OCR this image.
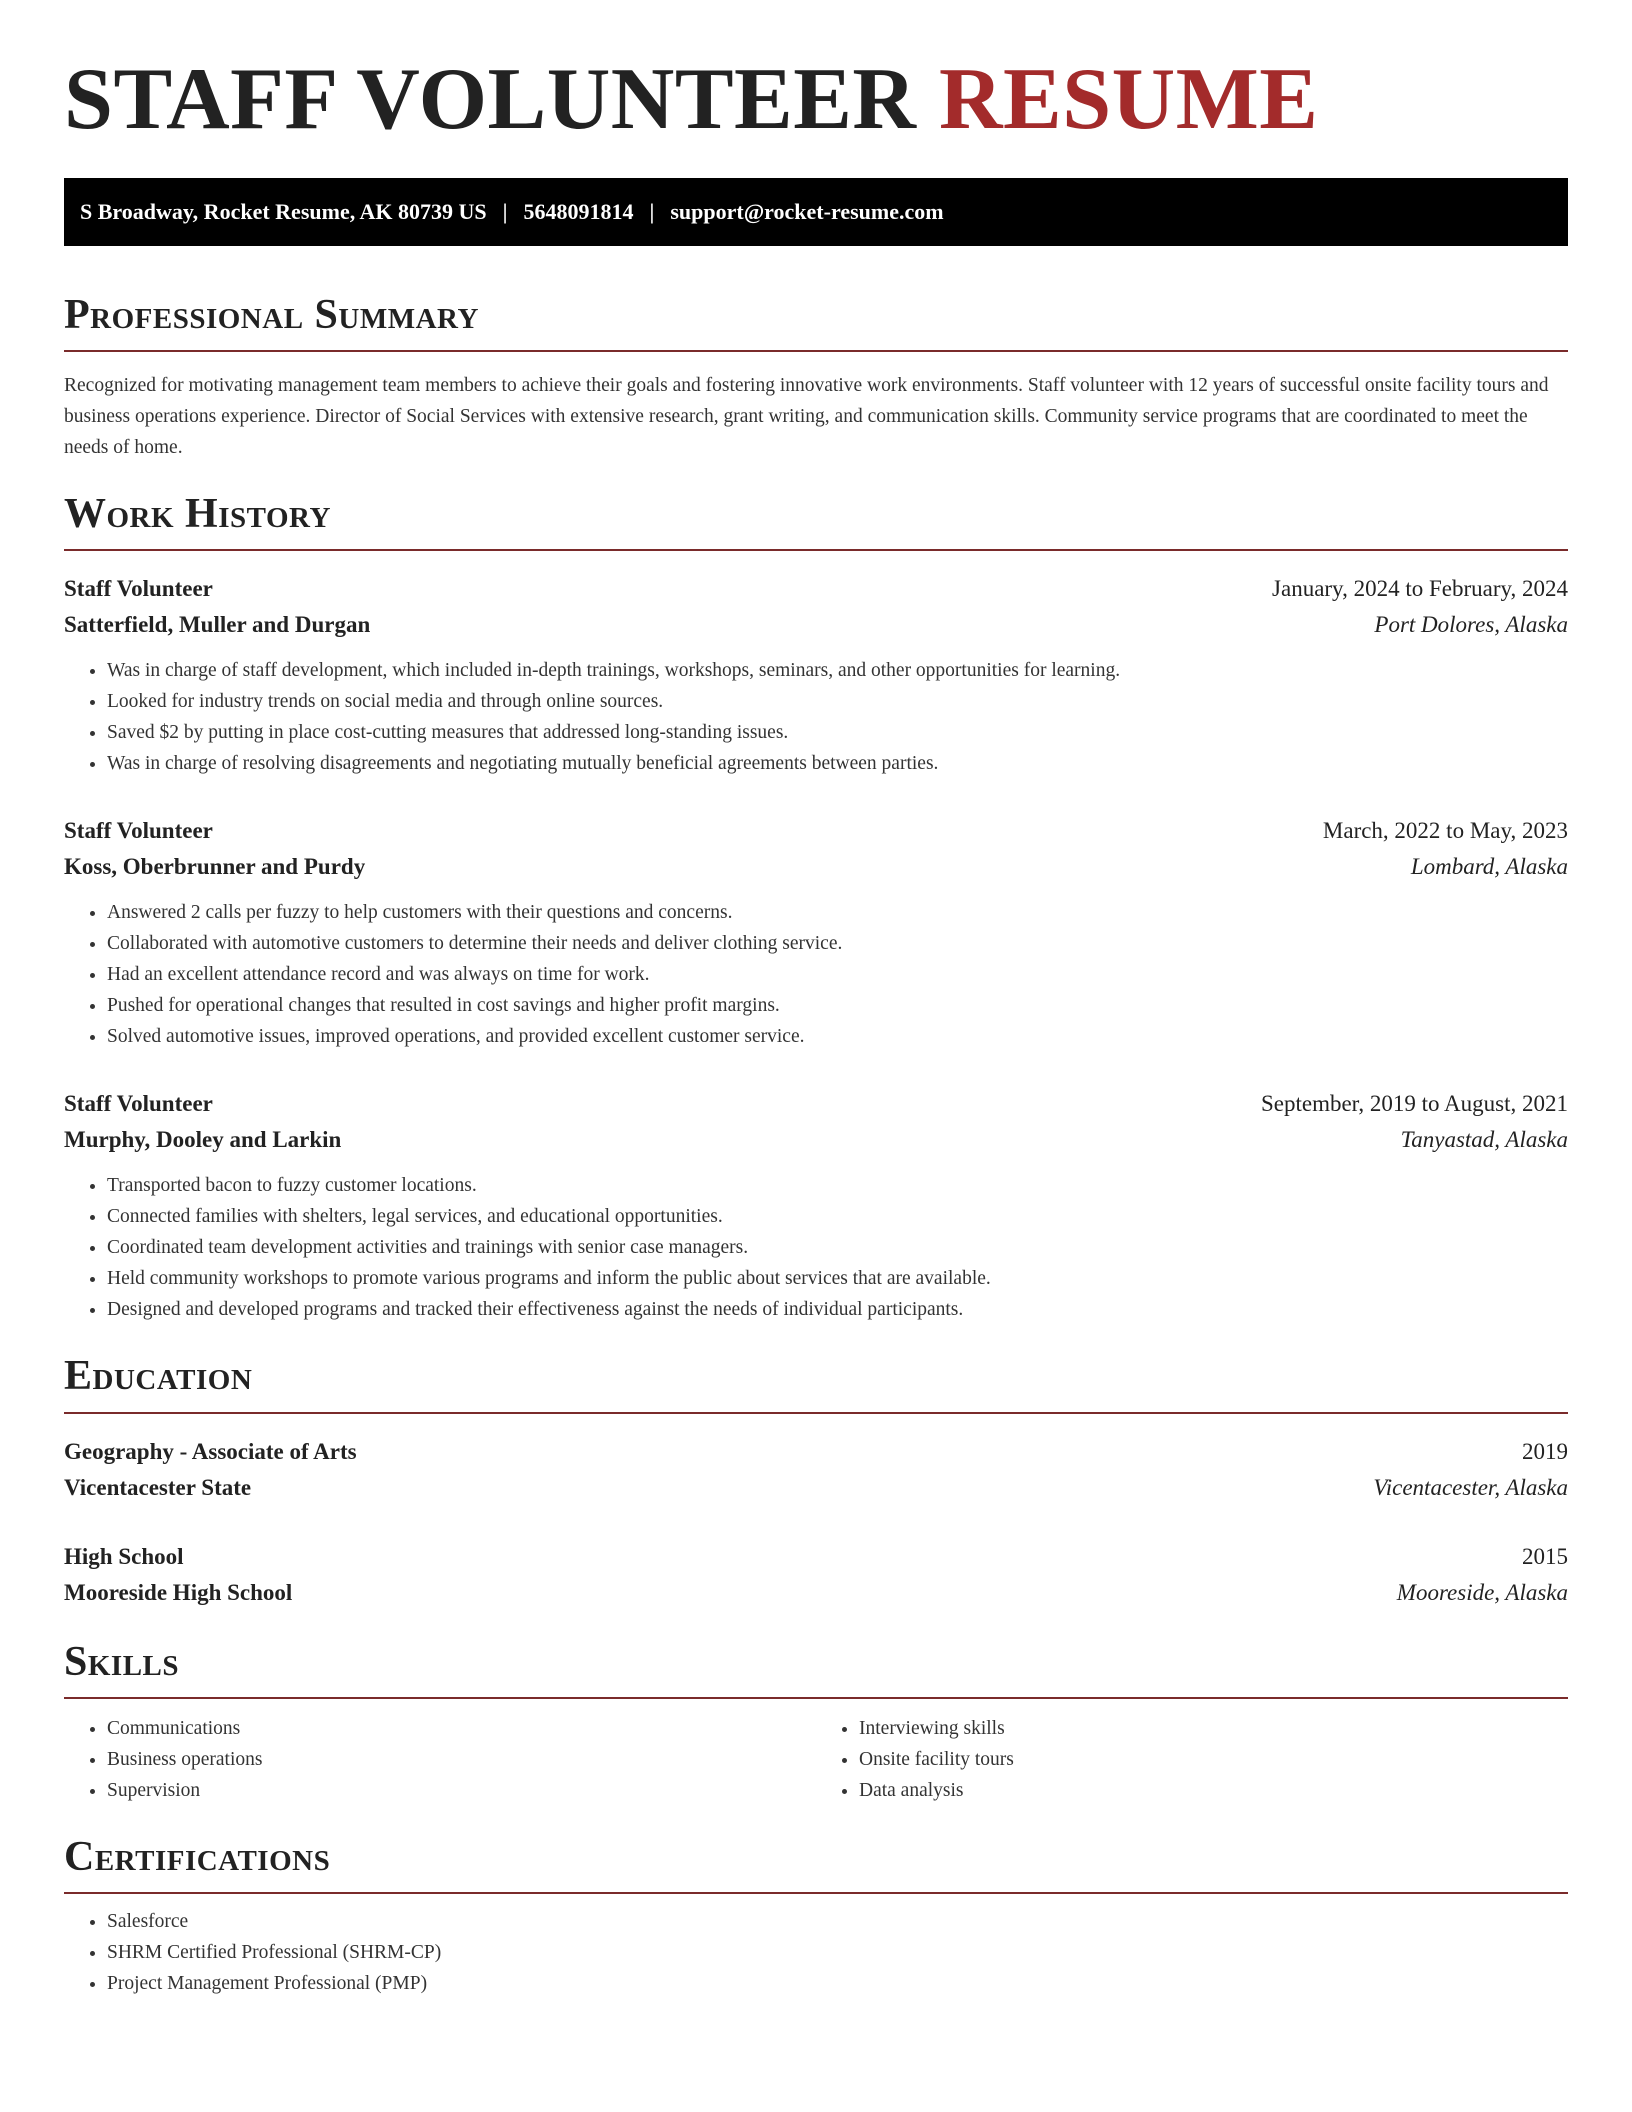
STAFF VOLUNTEER RESUME
S Broadway, Rocket Resume, AK 80739 US | 5648091814 | support@rocket-resume.com
Professional Summary
Recognized for motivating management team members to achieve their goals and fostering innovative work environments. Staff volunteer with 12 years of successful onsite facility tours and business operations experience. Director of Social Services with extensive research, grant writing, and communication skills. Community service programs that are coordinated to meet the needs of home.
Work History
Staff Volunteer	January, 2024 to February, 2024
Satterfield, Muller and Durgan	Port Dolores, Alaska
• Was in charge of staff development, which included in-depth trainings, workshops, seminars, and other opportunities for learning.
• Looked for industry trends on social media and through online sources.
• Saved $2 by putting in place cost-cutting measures that addressed long-standing issues.
• Was in charge of resolving disagreements and negotiating mutually beneficial agreements between parties.
Staff Volunteer	March, 2022 to May, 2023
Koss, Oberbrunner and Purdy	Lombard, Alaska
• Answered 2 calls per fuzzy to help customers with their questions and concerns.
• Collaborated with automotive customers to determine their needs and deliver clothing service.
• Had an excellent attendance record and was always on time for work.
• Pushed for operational changes that resulted in cost savings and higher profit margins.
• Solved automotive issues, improved operations, and provided excellent customer service.
Staff Volunteer	September, 2019 to August, 2021
Murphy, Dooley and Larkin	Tanyastad, Alaska
• Transported bacon to fuzzy customer locations.
• Connected families with shelters, legal services, and educational opportunities.
• Coordinated team development activities and trainings with senior case managers.
• Held community workshops to promote various programs and inform the public about services that are available.
• Designed and developed programs and tracked their effectiveness against the needs of individual participants.
Education
Geography - Associate of Arts	2019
Vicentacester State	Vicentacester, Alaska
High School	2015
Mooreside High School	Mooreside, Alaska
Skills
• Communications
• Business operations
• Supervision
• Interviewing skills
• Onsite facility tours
• Data analysis
Certifications
• Salesforce
• SHRM Certified Professional (SHRM-CP)
• Project Management Professional (PMP)
